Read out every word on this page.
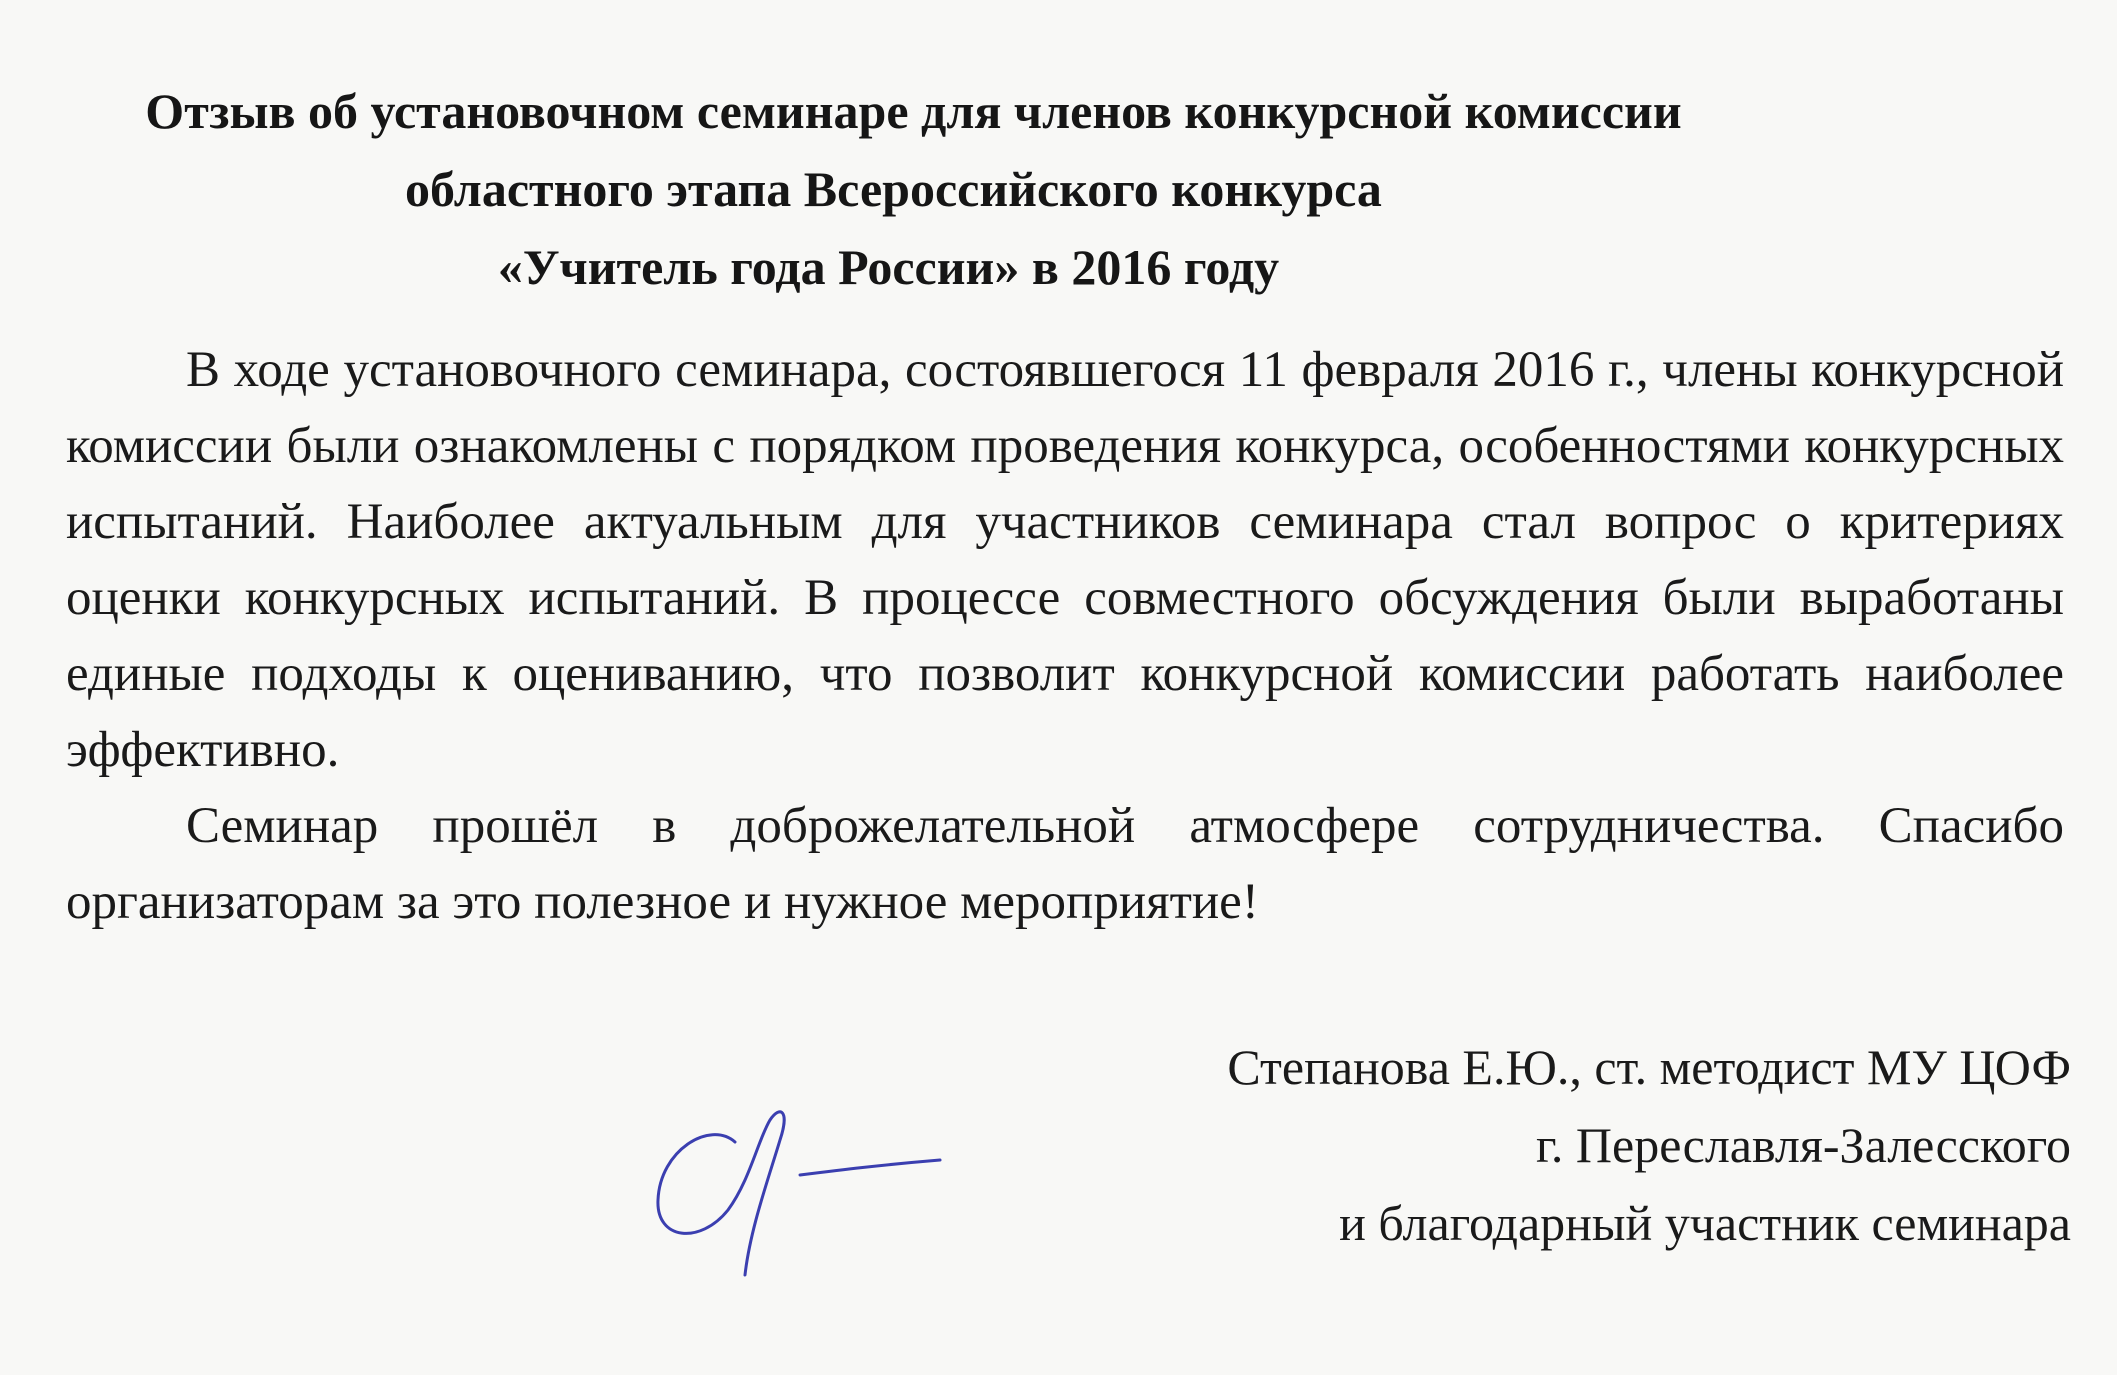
Отзыв об установочном семинаре для членов конкурсной комиссии
областного этапа Всероссийского конкурса
«Учитель года России» в 2016 году

В ходе установочного семинара, состоявшегося 11 февраля 2016 г., члены конкурсной комиссии были ознакомлены с порядком проведения конкурса, особенностями конкурсных испытаний. Наиболее актуальным для участников семинара стал вопрос о критериях оценки конкурсных испытаний. В процессе совместного обсуждения были выработаны единые подходы к оцениванию, что позволит конкурсной комиссии работать наиболее эффективно.

Семинар прошёл в доброжелательной атмосфере сотрудничества. Спасибо организаторам за это полезное и нужное мероприятие!

Степанова Е.Ю., ст. методист МУ ЦОФ
г. Переславля-Залесского
и благодарный участник семинара
